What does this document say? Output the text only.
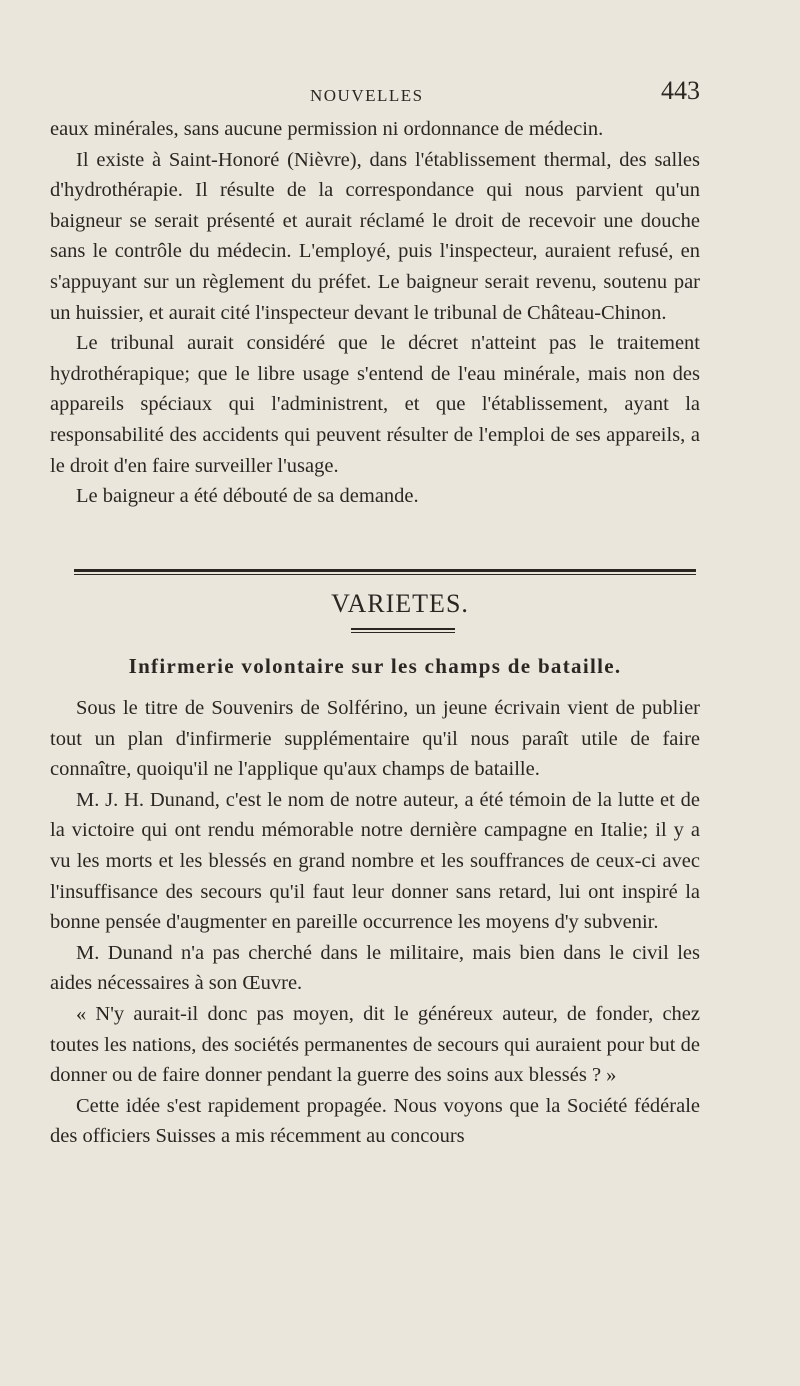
NOUVELLES	443

eaux minérales, sans aucune permission ni ordonnance de médecin.

Il existe à Saint-Honoré (Nièvre), dans l'établissement thermal, des salles d'hydrothérapie. Il résulte de la correspondance qui nous parvient qu'un baigneur se serait présenté et aurait réclamé le droit de recevoir une douche sans le contrôle du médecin. L'employé, puis l'inspecteur, auraient refusé, en s'appuyant sur un règlement du préfet. Le baigneur serait revenu, soutenu par un huissier, et aurait cité l'inspecteur devant le tribunal de Château-Chinon.

Le tribunal aurait considéré que le décret n'atteint pas le traitement hydrothérapique; que le libre usage s'entend de l'eau minérale, mais non des appareils spéciaux qui l'administrent, et que l'établissement, ayant la responsabilité des accidents qui peuvent résulter de l'emploi de ses appareils, a le droit d'en faire surveiller l'usage.

Le baigneur a été débouté de sa demande.

VARIETES.
Infirmerie volontaire sur les champs de bataille.

Sous le titre de Souvenirs de Solférino, un jeune écrivain vient de publier tout un plan d'infirmerie supplémentaire qu'il nous paraît utile de faire connaître, quoiqu'il ne l'applique qu'aux champs de bataille.

M. J. H. Dunand, c'est le nom de notre auteur, a été témoin de la lutte et de la victoire qui ont rendu mémorable notre dernière campagne en Italie; il y a vu les morts et les blessés en grand nombre et les souffrances de ceux-ci avec l'insuffisance des secours qu'il faut leur donner sans retard, lui ont inspiré la bonne pensée d'augmenter en pareille occurrence les moyens d'y subvenir.

M. Dunand n'a pas cherché dans le militaire, mais bien dans le civil les aides nécessaires à son Œuvre.

« N'y aurait-il donc pas moyen, dit le généreux auteur, de fonder, chez toutes les nations, des sociétés permanentes de secours qui auraient pour but de donner ou de faire donner pendant la guerre des soins aux blessés ? »

Cette idée s'est rapidement propagée. Nous voyons que la Société fédérale des officiers Suisses a mis récemment au concours
